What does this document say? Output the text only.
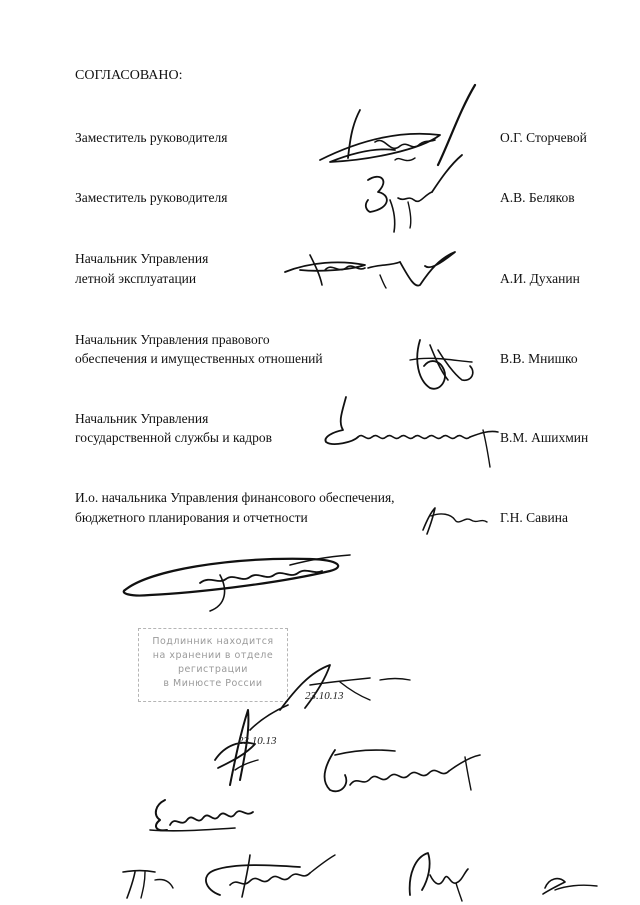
СОГЛАСОВАНО:
Заместитель руководителя	О.Г. Сторчевой
Заместитель руководителя	А.В. Беляков
Начальник Управления
летной эксплуатации	А.И. Духанин
Начальник Управления правового
обеспечения и имущественных отношений	В.В. Мнишко
Начальник Управления
государственной службы и кадров	В.М. Ашихмин
И.о. начальника Управления финансового обеспечения,
бюджетного планирования и отчетности	Г.Н. Савина
Подлинник находится
на хранении в отделе
регистрации
в Минюсте России
23.10.13
23.10.13
